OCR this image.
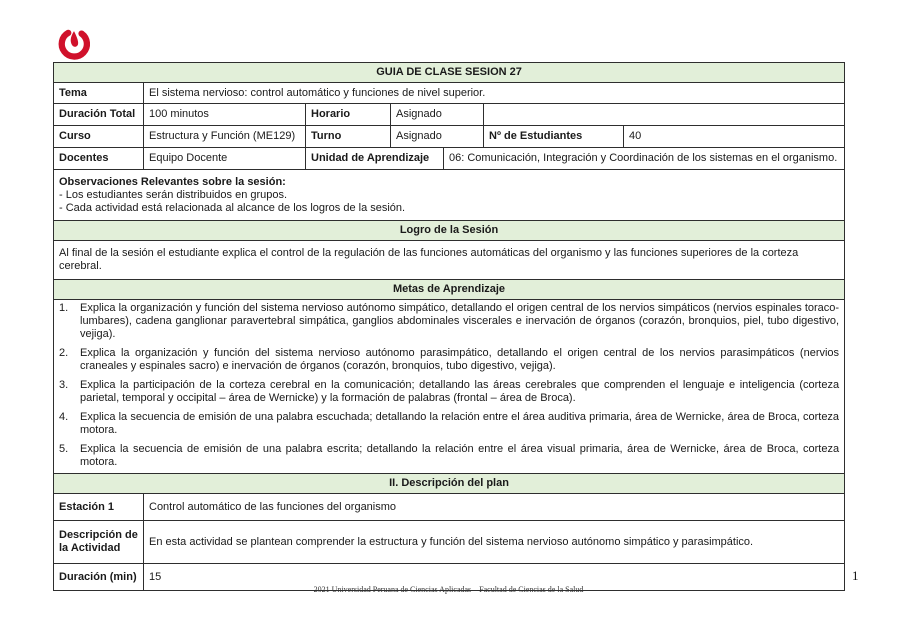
GUIA DE CLASE SESION 27						
Tema	El sistema nervioso: control automático y funciones de nivel superior.					
Duración Total	100 minutos	Horario	Asignado			
Curso	Estructura y Función (ME129)	Turno	Asignado		Nº de Estudiantes	40
Docentes	Equipo Docente	Unidad de Aprendizaje		06: Comunicación, Integración y Coordinación de los sistemas en el organismo.		

Observaciones Relevantes sobre la sesión:
- Los estudiantes serán distribuidos en grupos.
- Cada actividad está relacionada al alcance de los logros de la sesión.						

Logro de la Sesión						
Al final de la sesión el estudiante explica el control de la regulación de las funciones automáticas del organismo y las funciones superiores de la corteza cerebral.						
Metas de Aprendizaje						

1.	Explica la organización y función del sistema nervioso autónomo simpático, detallando el origen central de los nervios simpáticos (nervios espinales toraco-lumbares), cadena ganglionar paravertebral simpática, ganglios abdominales viscerales e inervación de órganos (corazón, bronquios, piel, tubo digestivo, vejiga).
2.	Explica la organización y función del sistema nervioso autónomo parasimpático, detallando el origen central de los nervios parasimpáticos (nervios craneales y espinales sacro) e inervación de órganos (corazón, bronquios, tubo digestivo, vejiga).
3.	Explica la participación de la corteza cerebral en la comunicación; detallando las áreas cerebrales que comprenden el lenguaje e inteligencia (corteza parietal, temporal y occipital – área de Wernicke) y la formación de palabras (frontal – área de Broca).
4.	Explica la secuencia de emisión de una palabra escuchada; detallando la relación entre el área auditiva primaria, área de Wernicke, área de Broca, corteza motora.
5.	Explica la secuencia de emisión de una palabra escrita; detallando la relación entre el área visual primaria, área de Wernicke, área de Broca, corteza motora.

II. Descripción del plan						
Estación 1	Control automático de las funciones del organismo					
Descripción de la Actividad	En esta actividad se plantean comprender la estructura y función del sistema nervioso autónomo simpático y parasimpático.					
Duración (min)	15					
2021 Universidad Peruana de Ciencias Aplicadas – Facultad de Ciencias de la Salud
1
